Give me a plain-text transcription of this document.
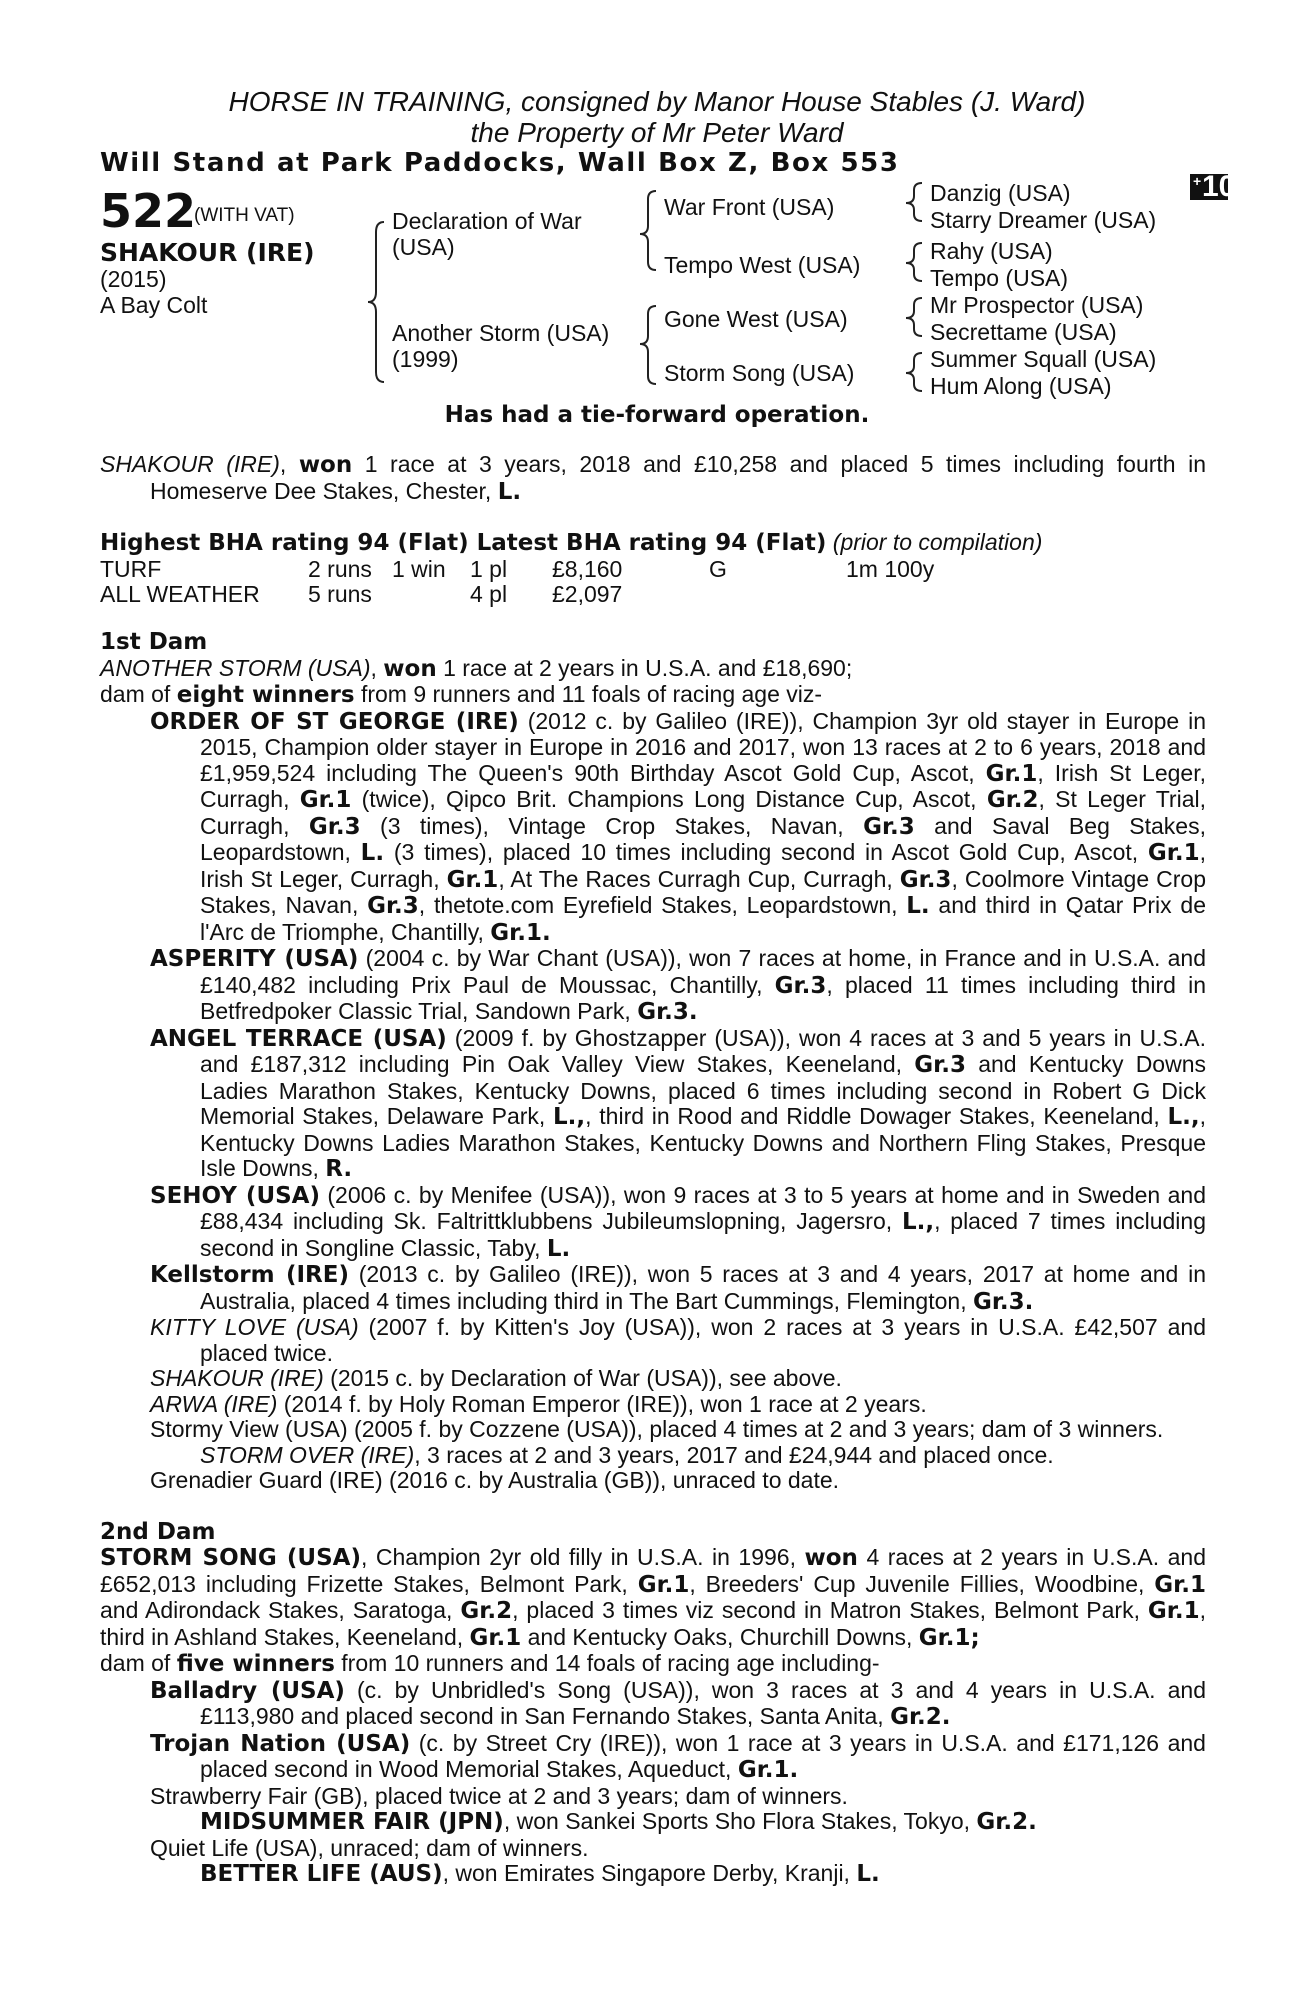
HORSE IN TRAINING, consigned by Manor House Stables (J. Ward)
the Property of Mr Peter Ward
Will Stand at Park Paddocks, Wall Box Z, Box 553
+ 10
522
(WITH VAT)
SHAKOUR (IRE)
(2015)
A Bay Colt
Declaration of War
(USA)
Another Storm (USA)
(1999)
War Front (USA)
Tempo West (USA)
Gone West (USA)
Storm Song (USA)
Danzig (USA)
Starry Dreamer (USA)
Rahy (USA)
Tempo (USA)
Mr Prospector (USA)
Secrettame (USA)
Summer Squall (USA)
Hum Along (USA)
Has had a tie-forward operation.

SHAKOUR (IRE), won 1 race at 3 years, 2018 and £10,258 and placed 5 times including fourth in Homeserve Dee Stakes, Chester, L.

Highest BHA rating 94 (Flat) Latest BHA rating 94 (Flat) (prior to compilation)

TURF	2 runs	1 win	1 pl	£8,160	G	1m 100y
ALL WEATHER	5 runs		4 pl	£2,097		

1st Dam

ANOTHER STORM (USA), won 1 race at 2 years in U.S.A. and £18,690;

dam of eight winners from 9 runners and 11 foals of racing age viz-

ORDER OF ST GEORGE (IRE) (2012 c. by Galileo (IRE)), Champion 3yr old stayer in Europe in 2015, Champion older stayer in Europe in 2016 and 2017, won 13 races at 2 to 6 years, 2018 and £1,959,524 including The Queen's 90th Birthday Ascot Gold Cup, Ascot, Gr.1, Irish St Leger, Curragh, Gr.1 (twice), Qipco Brit. Champions Long Distance Cup, Ascot, Gr.2, St Leger Trial, Curragh, Gr.3 (3 times), Vintage Crop Stakes, Navan, Gr.3 and Saval Beg Stakes, Leopardstown, L. (3 times), placed 10 times including second in Ascot Gold Cup, Ascot, Gr.1, Irish St Leger, Curragh, Gr.1, At The Races Curragh Cup, Curragh, Gr.3, Coolmore Vintage Crop Stakes, Navan, Gr.3, thetote.com Eyrefield Stakes, Leopardstown, L. and third in Qatar Prix de l'Arc de Triomphe, Chantilly, Gr.1.

ASPERITY (USA) (2004 c. by War Chant (USA)), won 7 races at home, in France and in U.S.A. and £140,482 including Prix Paul de Moussac, Chantilly, Gr.3, placed 11 times including third in Betfredpoker Classic Trial, Sandown Park, Gr.3.

ANGEL TERRACE (USA) (2009 f. by Ghostzapper (USA)), won 4 races at 3 and 5 years in U.S.A. and £187,312 including Pin Oak Valley View Stakes, Keeneland, Gr.3 and Kentucky Downs Ladies Marathon Stakes, Kentucky Downs, placed 6 times including second in Robert G Dick Memorial Stakes, Delaware Park, L.,, third in Rood and Riddle Dowager Stakes, Keeneland, L.,, Kentucky Downs Ladies Marathon Stakes, Kentucky Downs and Northern Fling Stakes, Presque Isle Downs, R.

SEHOY (USA) (2006 c. by Menifee (USA)), won 9 races at 3 to 5 years at home and in Sweden and £88,434 including Sk. Faltrittklubbens Jubileumslopning, Jagersro, L.,, placed 7 times including second in Songline Classic, Taby, L.

Kellstorm (IRE) (2013 c. by Galileo (IRE)), won 5 races at 3 and 4 years, 2017 at home and in Australia, placed 4 times including third in The Bart Cummings, Flemington, Gr.3.

KITTY LOVE (USA) (2007 f. by Kitten's Joy (USA)), won 2 races at 3 years in U.S.A. £42,507 and placed twice.

SHAKOUR (IRE) (2015 c. by Declaration of War (USA)), see above.

ARWA (IRE) (2014 f. by Holy Roman Emperor (IRE)), won 1 race at 2 years.

Stormy View (USA) (2005 f. by Cozzene (USA)), placed 4 times at 2 and 3 years; dam of 3 winners.

STORM OVER (IRE), 3 races at 2 and 3 years, 2017 and £24,944 and placed once.

Grenadier Guard (IRE) (2016 c. by Australia (GB)), unraced to date.

2nd Dam

STORM SONG (USA), Champion 2yr old filly in U.S.A. in 1996, won 4 races at 2 years in U.S.A. and £652,013 including Frizette Stakes, Belmont Park, Gr.1, Breeders' Cup Juvenile Fillies, Woodbine, Gr.1 and Adirondack Stakes, Saratoga, Gr.2, placed 3 times viz second in Matron Stakes, Belmont Park, Gr.1, third in Ashland Stakes, Keeneland, Gr.1 and Kentucky Oaks, Churchill Downs, Gr.1;

dam of five winners from 10 runners and 14 foals of racing age including-

Balladry (USA) (c. by Unbridled's Song (USA)), won 3 races at 3 and 4 years in U.S.A. and £113,980 and placed second in San Fernando Stakes, Santa Anita, Gr.2.

Trojan Nation (USA) (c. by Street Cry (IRE)), won 1 race at 3 years in U.S.A. and £171,126 and placed second in Wood Memorial Stakes, Aqueduct, Gr.1.

Strawberry Fair (GB), placed twice at 2 and 3 years; dam of winners.

MIDSUMMER FAIR (JPN), won Sankei Sports Sho Flora Stakes, Tokyo, Gr.2.

Quiet Life (USA), unraced; dam of winners.

BETTER LIFE (AUS), won Emirates Singapore Derby, Kranji, L.
